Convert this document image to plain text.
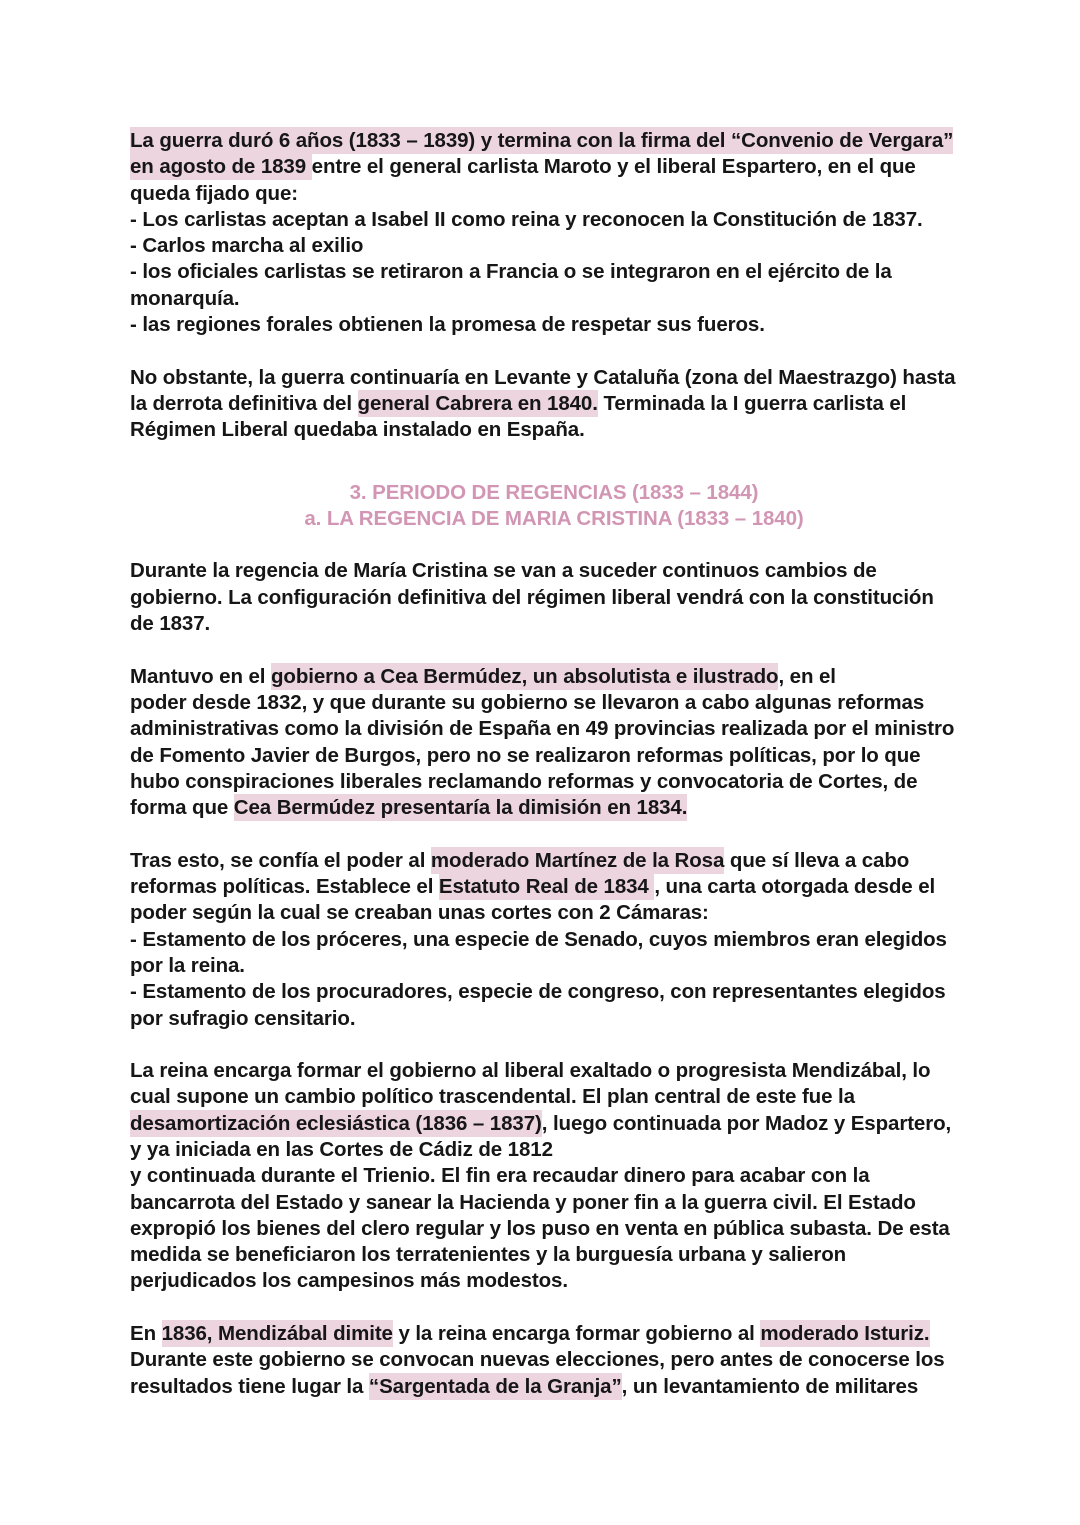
La guerra duró 6 años (1833 – 1839) y termina con la firma del “Convenio de Vergara”
en agosto de 1839 entre el general carlista Maroto y el liberal Espartero, en el que
queda fijado que:
- Los carlistas aceptan a Isabel II como reina y reconocen la Constitución de 1837.
- Carlos marcha al exilio
- los oficiales carlistas se retiraron a Francia o se integraron en el ejército de la
monarquía.
- las regiones forales obtienen la promesa de respetar sus fueros.

No obstante, la guerra continuaría en Levante y Cataluña (zona del Maestrazgo) hasta
la derrota definitiva del general Cabrera en 1840. Terminada la I guerra carlista el
Régimen Liberal quedaba instalado en España.

3. PERIODO DE REGENCIAS (1833 – 1844)
a. LA REGENCIA DE MARIA CRISTINA (1833 – 1840)

Durante la regencia de María Cristina se van a suceder continuos cambios de
gobierno. La configuración definitiva del régimen liberal vendrá con la constitución
de 1837.

Mantuvo en el gobierno a Cea Bermúdez, un absolutista e ilustrado, en el
poder desde 1832, y que durante su gobierno se llevaron a cabo algunas reformas
administrativas como la división de España en 49 provincias realizada por el ministro
de Fomento Javier de Burgos, pero no se realizaron reformas políticas, por lo que
hubo conspiraciones liberales reclamando reformas y convocatoria de Cortes, de
forma que Cea Bermúdez presentaría la dimisión en 1834.

Tras esto, se confía el poder al moderado Martínez de la Rosa que sí lleva a cabo
reformas políticas. Establece el Estatuto Real de 1834 , una carta otorgada desde el
poder según la cual se creaban unas cortes con 2 Cámaras:
- Estamento de los próceres, una especie de Senado, cuyos miembros eran elegidos
por la reina.
- Estamento de los procuradores, especie de congreso, con representantes elegidos
por sufragio censitario.

La reina encarga formar el gobierno al liberal exaltado o progresista Mendizábal, lo
cual supone un cambio político trascendental. El plan central de este fue la
desamortización eclesiástica (1836 – 1837), luego continuada por Madoz y Espartero,
y ya iniciada en las Cortes de Cádiz de 1812
y continuada durante el Trienio. El fin era recaudar dinero para acabar con la
bancarrota del Estado y sanear la Hacienda y poner fin a la guerra civil. El Estado
expropió los bienes del clero regular y los puso en venta en pública subasta. De esta
medida se beneficiaron los terratenientes y la burguesía urbana y salieron
perjudicados los campesinos más modestos.

En 1836, Mendizábal dimite y la reina encarga formar gobierno al moderado Isturiz.
Durante este gobierno se convocan nuevas elecciones, pero antes de conocerse los
resultados tiene lugar la “Sargentada de la Granja”, un levantamiento de militares
